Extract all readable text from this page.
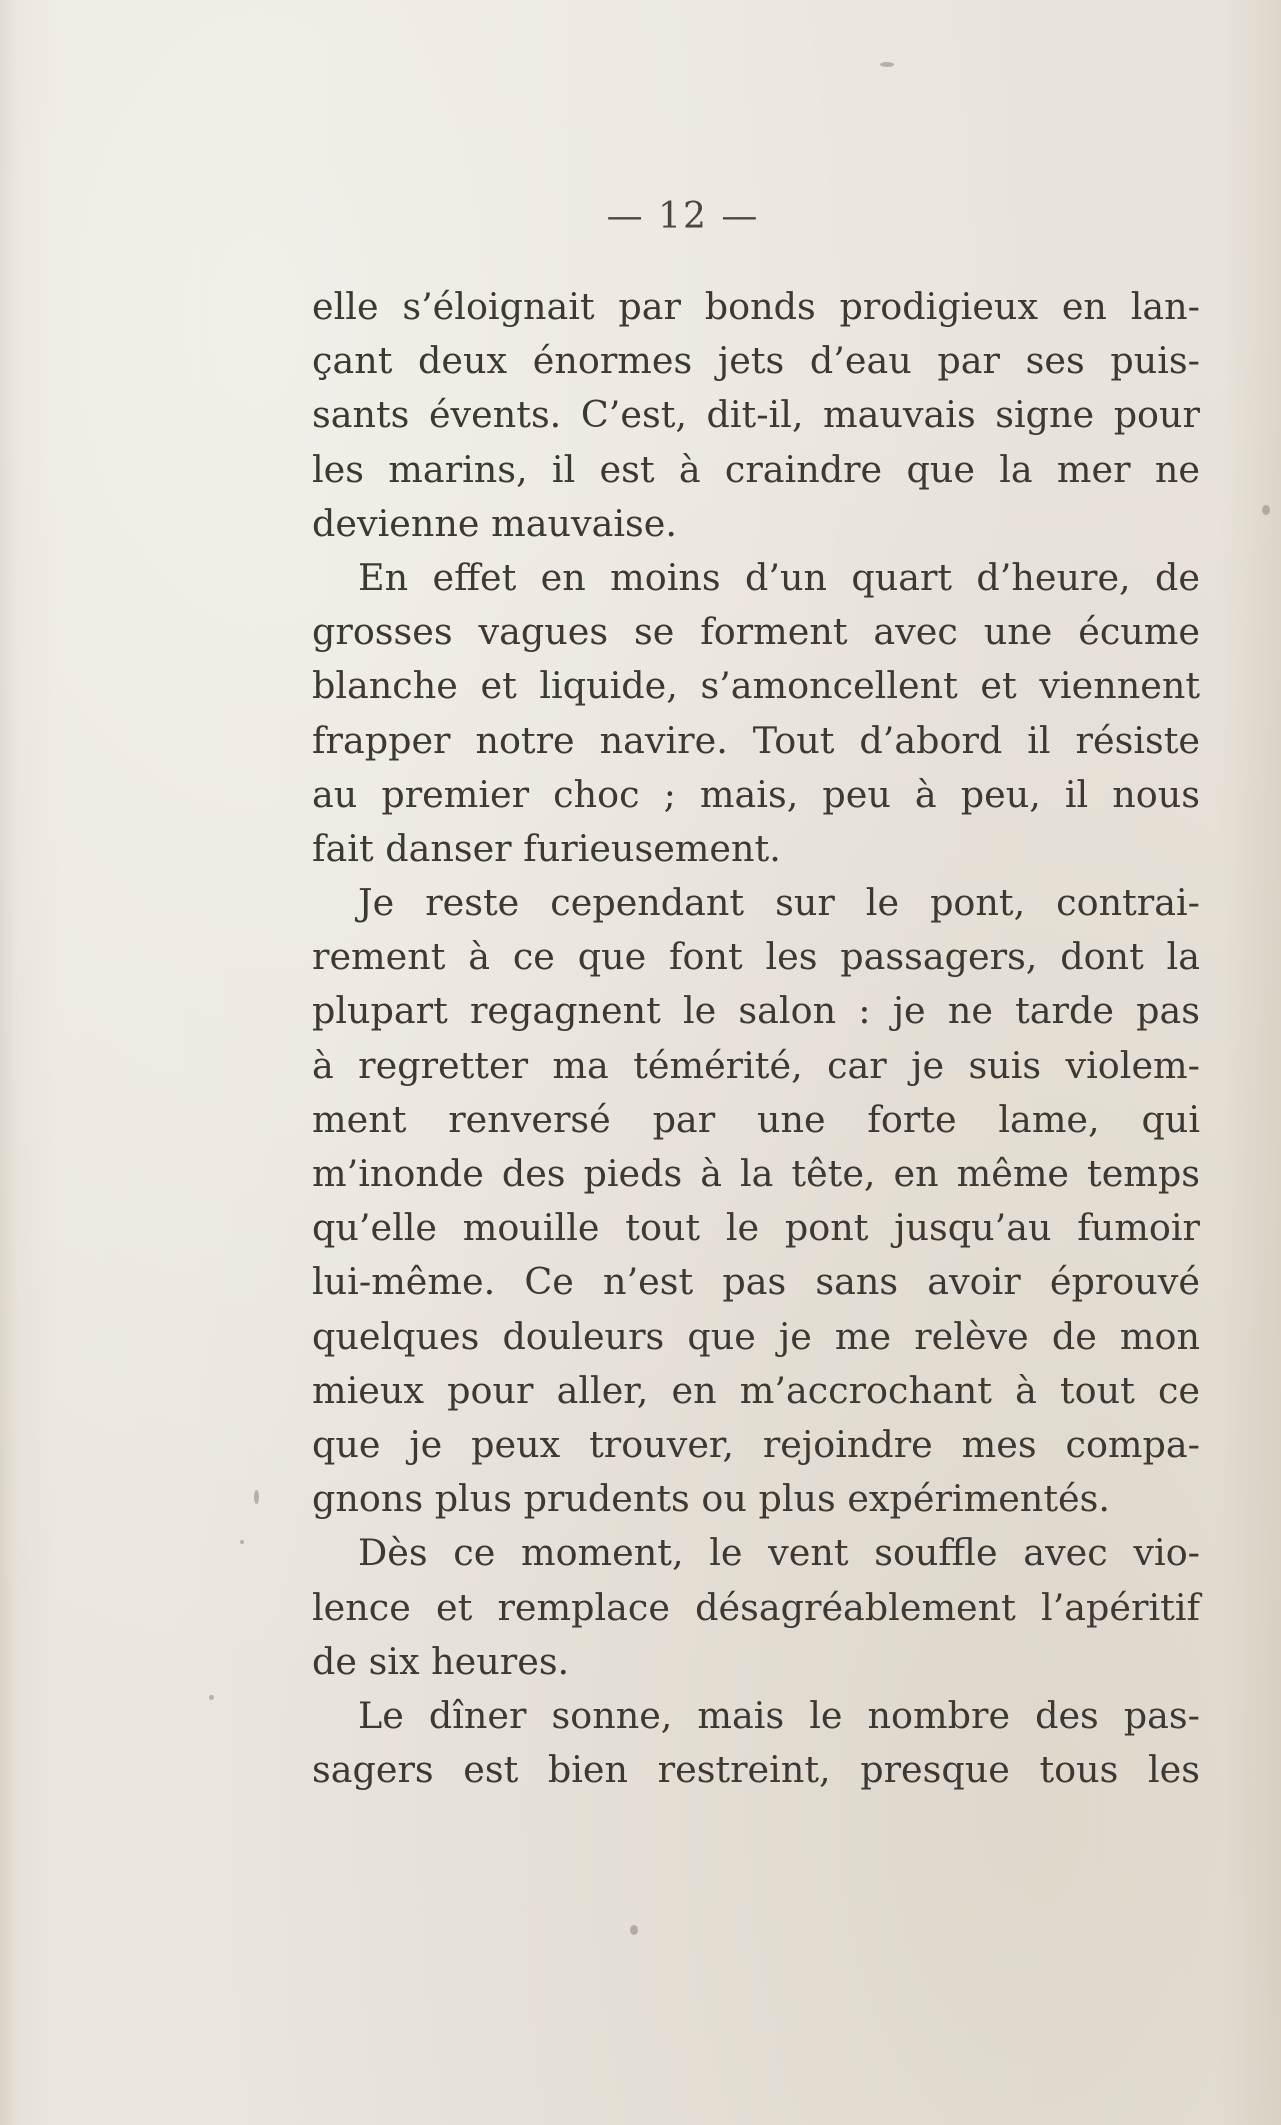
— 12 —
elle s’éloignait par bonds prodigieux en lan-
çant deux énormes jets d’eau par ses puis-
sants évents. C’est, dit-il, mauvais signe pour
les marins, il est à craindre que la mer ne
devienne mauvaise.
En effet en moins d’un quart d’heure, de
grosses vagues se forment avec une écume
blanche et liquide, s’amoncellent et viennent
frapper notre navire. Tout d’abord il résiste
au premier choc ; mais, peu à peu, il nous
fait danser furieusement.
Je reste cependant sur le pont, contrai-
rement à ce que font les passagers, dont la
plupart regagnent le salon : je ne tarde pas
à regretter ma témérité, car je suis violem-
ment renversé par une forte lame, qui
m’inonde des pieds à la tête, en même temps
qu’elle mouille tout le pont jusqu’au fumoir
lui-même. Ce n’est pas sans avoir éprouvé
quelques douleurs que je me relève de mon
mieux pour aller, en m’accrochant à tout ce
que je peux trouver, rejoindre mes compa-
gnons plus prudents ou plus expérimentés.
Dès ce moment, le vent souffle avec vio-
lence et remplace désagréablement l’apéritif
de six heures.
Le dîner sonne, mais le nombre des pas-
sagers est bien restreint, presque tous les
